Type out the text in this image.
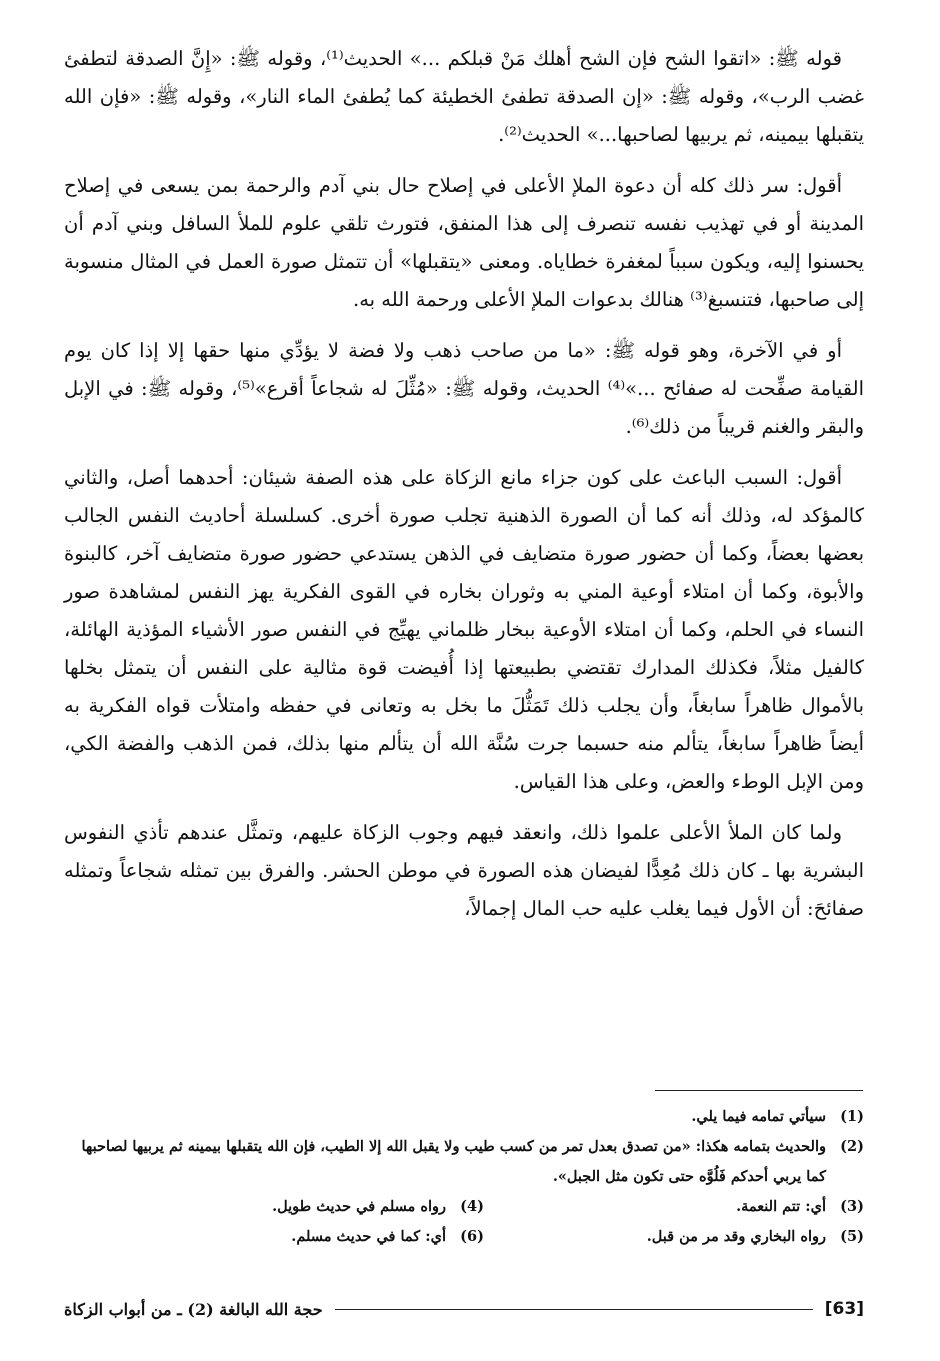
قوله ﷺ: «اتقوا الشح فإن الشح أهلك مَنْ قبلكم ...» الحديث⁽¹⁾، وقوله ﷺ: «إِنَّ الصدقة لتطفئ غضب الرب»، وقوله ﷺ: «إن الصدقة تطفئ الخطيئة كما يُطفئ الماء النار»، وقوله ﷺ: «فإن الله يتقبلها بيمينه، ثم يربيها لصاحبها...» الحديث⁽²⁾.

أقول: سر ذلك كله أن دعوة الملإ الأعلى في إصلاح حال بني آدم والرحمة بمن يسعى في إصلاح المدينة أو في تهذيب نفسه تنصرف إلى هذا المنفق، فتورث تلقي علوم للملأ السافل وبني آدم أن يحسنوا إليه، ويكون سبباً لمغفرة خطاياه. ومعنى «يتقبلها» أن تتمثل صورة العمل في المثال منسوبة إلى صاحبها، فتنسبغ⁽³⁾ هنالك بدعوات الملإ الأعلى ورحمة الله به.

أو في الآخرة، وهو قوله ﷺ: «ما من صاحب ذهب ولا فضة لا يؤدِّي منها حقها إلا إذا كان يوم القيامة صفِّحت له صفائح ...»⁽⁴⁾ الحديث، وقوله ﷺ: «مُثِّلَ له شجاعاً أقرع»⁽⁵⁾، وقوله ﷺ: في الإبل والبقر والغنم قريباً من ذلك⁽⁶⁾.

أقول: السبب الباعث على كون جزاء مانع الزكاة على هذه الصفة شيئان: أحدهما أصل، والثاني كالمؤكد له، وذلك أنه كما أن الصورة الذهنية تجلب صورة أخرى. كسلسلة أحاديث النفس الجالب بعضها بعضاً، وكما أن حضور صورة متضايف في الذهن يستدعي حضور صورة متضايف آخر، كالبنوة والأبوة، وكما أن امتلاء أوعية المني به وثوران بخاره في القوى الفكرية يهز النفس لمشاهدة صور النساء في الحلم، وكما أن امتلاء الأوعية ببخار ظلماني يهيِّج في النفس صور الأشياء المؤذية الهائلة، كالفيل مثلاً، فكذلك المدارك تقتضي بطبيعتها إذا أُفيضت قوة مثالية على النفس أن يتمثل بخلها بالأموال ظاهراً سابغاً، وأن يجلب ذلك تَمَثُّلَ ما بخل به وتعانى في حفظه وامتلأت قواه الفكرية به أيضاً ظاهراً سابغاً، يتألم منه حسبما جرت سُنَّة الله أن يتألم منها بذلك، فمن الذهب والفضة الكي، ومن الإبل الوطء والعض، وعلى هذا القياس.

ولما كان الملأ الأعلى علموا ذلك، وانعقد فيهم وجوب الزكاة عليهم، وتمثَّل عندهم تأذي النفوس البشرية بها ـ كان ذلك مُعِدًّا لفيضان هذه الصورة في موطن الحشر. والفرق بين تمثله شجاعاً وتمثله صفائحَ: أن الأول فيما يغلب عليه حب المال إجمالاً،

(1)
سيأتي تمامه فيما يلي.
(2)
والحديث بتمامه هكذا: «من تصدق بعدل تمر من كسب طيب ولا يقبل الله إلا الطيب، فإن الله يتقبلها بيمينه ثم يربيها لصاحبها كما يربي أحدكم فَلُوَّه حتى تكون مثل الجبل».
(3)
أي: تتم النعمة.
(4)
رواه مسلم في حديث طويل.
(5)
رواه البخاري وقد مر من قبل.
(6)
أي: كما في حديث مسلم.
[63]
حجة الله البالغة (2) ـ من أبواب الزكاة
